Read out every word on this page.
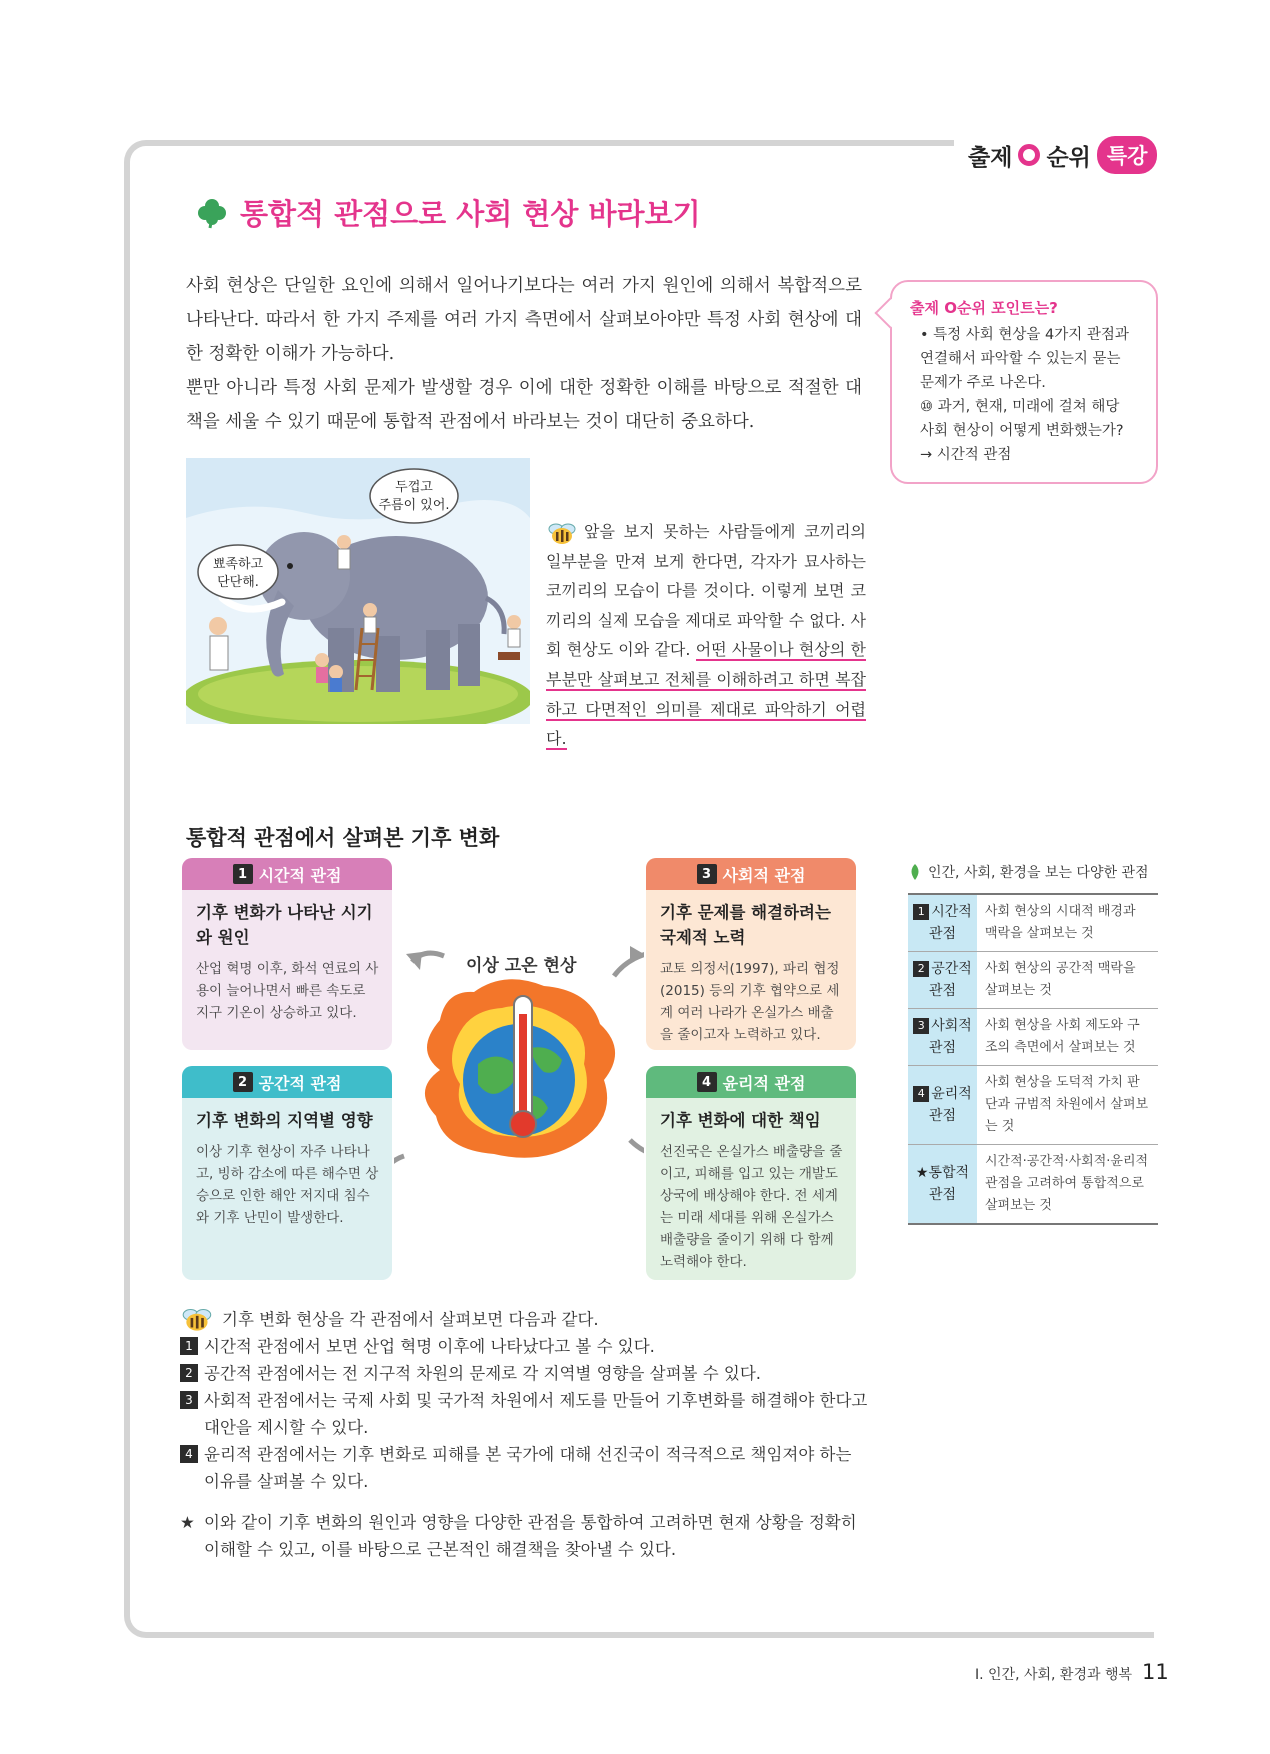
출제 순위 특강
통합적 관점으로 사회 현상 바라보기

사회 현상은 단일한 요인에 의해서 일어나기보다는 여러 가지 원인에 의해서 복합적으로 나타난다. 따라서 한 가지 주제를 여러 가지 측면에서 살펴보아야만 특정 사회 현상에 대한 정확한 이해가 가능하다.

뿐만 아니라 특정 사회 문제가 발생할 경우 이에 대한 정확한 이해를 바탕으로 적절한 대책을 세울 수 있기 때문에 통합적 관점에서 바라보는 것이 대단히 중요하다.

출제 O순위 포인트는?
• 특정 사회 현상을 4가지 관점과
연결해서 파악할 수 있는지 묻는
문제가 주로 나온다.
⑩ 과거, 현재, 미래에 걸쳐 해당
사회 현상이 어떻게 변화했는가?
→ 시간적 관점
뾰족하고
단단해.
두껍고
주름이 있어.
앞을 보지 못하는 사람들에게 코끼리의 일부분을 만져 보게 한다면, 각자가 묘사하는 코끼리의 모습이 다를 것이다. 이렇게 보면 코끼리의 실제 모습을 제대로 파악할 수 없다. 사회 현상도 이와 같다. 어떤 사물이나 현상의 한 부분만 살펴보고 전체를 이해하려고 하면 복잡하고 다면적인 의미를 제대로 파악하기 어렵다.
통합적 관점에서 살펴본 기후 변화
1 시간적 관점
기후 변화가 나타난 시기와 원인
산업 혁명 이후, 화석 연료의 사용이 늘어나면서 빠른 속도로 지구 기온이 상승하고 있다.
2 공간적 관점
기후 변화의 지역별 영향
이상 기후 현상이 자주 나타나고, 빙하 감소에 따른 해수면 상승으로 인한 해안 저지대 침수와 기후 난민이 발생한다.
3 사회적 관점
기후 문제를 해결하려는 국제적 노력
교토 의정서(1997), 파리 협정(2015) 등의 기후 협약으로 세계 여러 나라가 온실가스 배출을 줄이고자 노력하고 있다.
4 윤리적 관점
기후 변화에 대한 책임
선진국은 온실가스 배출량을 줄이고, 피해를 입고 있는 개발도상국에 배상해야 한다. 전 세계는 미래 세대를 위해 온실가스 배출량을 줄이기 위해 다 함께 노력해야 한다.
이상 고온 현상
인간, 사회, 환경을 보는 다양한 관점
1 시간적
관점
사회 현상의 시대적 배경과 맥락을 살펴보는 것
2 공간적
관점
사회 현상의 공간적 맥락을 살펴보는 것
3 사회적
관점
사회 현상을 사회 제도와 구조의 측면에서 살펴보는 것
4 윤리적
관점
사회 현상을 도덕적 가치 판단과 규범적 차원에서 살펴보는 것
★통합적
관점
시간적·공간적·사회적·윤리적 관점을 고려하여 통합적으로 살펴보는 것
기후 변화 현상을 각 관점에서 살펴보면 다음과 같다.
1 시간적 관점에서 보면 산업 혁명 이후에 나타났다고 볼 수 있다.
2 공간적 관점에서는 전 지구적 차원의 문제로 각 지역별 영향을 살펴볼 수 있다.
3 사회적 관점에서는 국제 사회 및 국가적 차원에서 제도를 만들어 기후변화를 해결해야 한다고 대안을 제시할 수 있다.
4 윤리적 관점에서는 기후 변화로 피해를 본 국가에 대해 선진국이 적극적으로 책임져야 하는 이유를 살펴볼 수 있다.
★ 이와 같이 기후 변화의 원인과 영향을 다양한 관점을 통합하여 고려하면 현재 상황을 정확히 이해할 수 있고, 이를 바탕으로 근본적인 해결책을 찾아낼 수 있다.
Ⅰ. 인간, 사회, 환경과 행복 11
